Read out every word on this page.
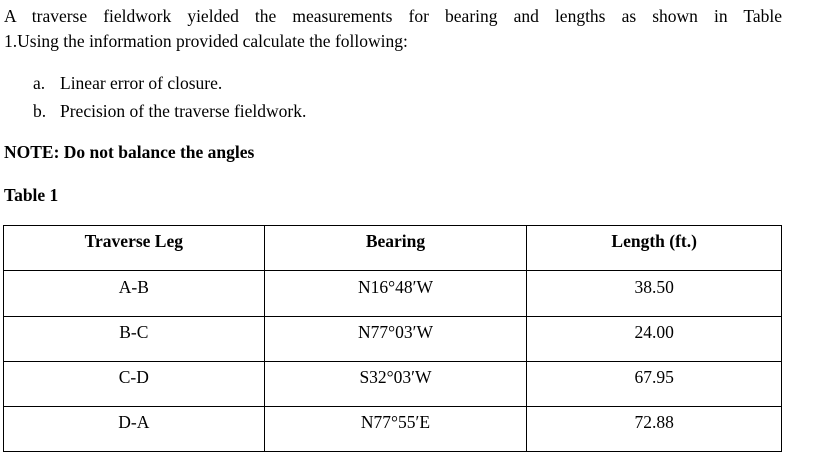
A traverse fieldwork yielded the measurements for bearing and lengths as shown in Table
1.Using the information provided calculate the following:
a. Linear error of closure.
b. Precision of the traverse fieldwork.
NOTE: Do not balance the angles
Table 1
Traverse Leg	Bearing	Length (ft.)
A-B	N16°48′W	38.50
B-C	N77°03′W	24.00
C-D	S32°03′W	67.95
D-A	N77°55′E	72.88
